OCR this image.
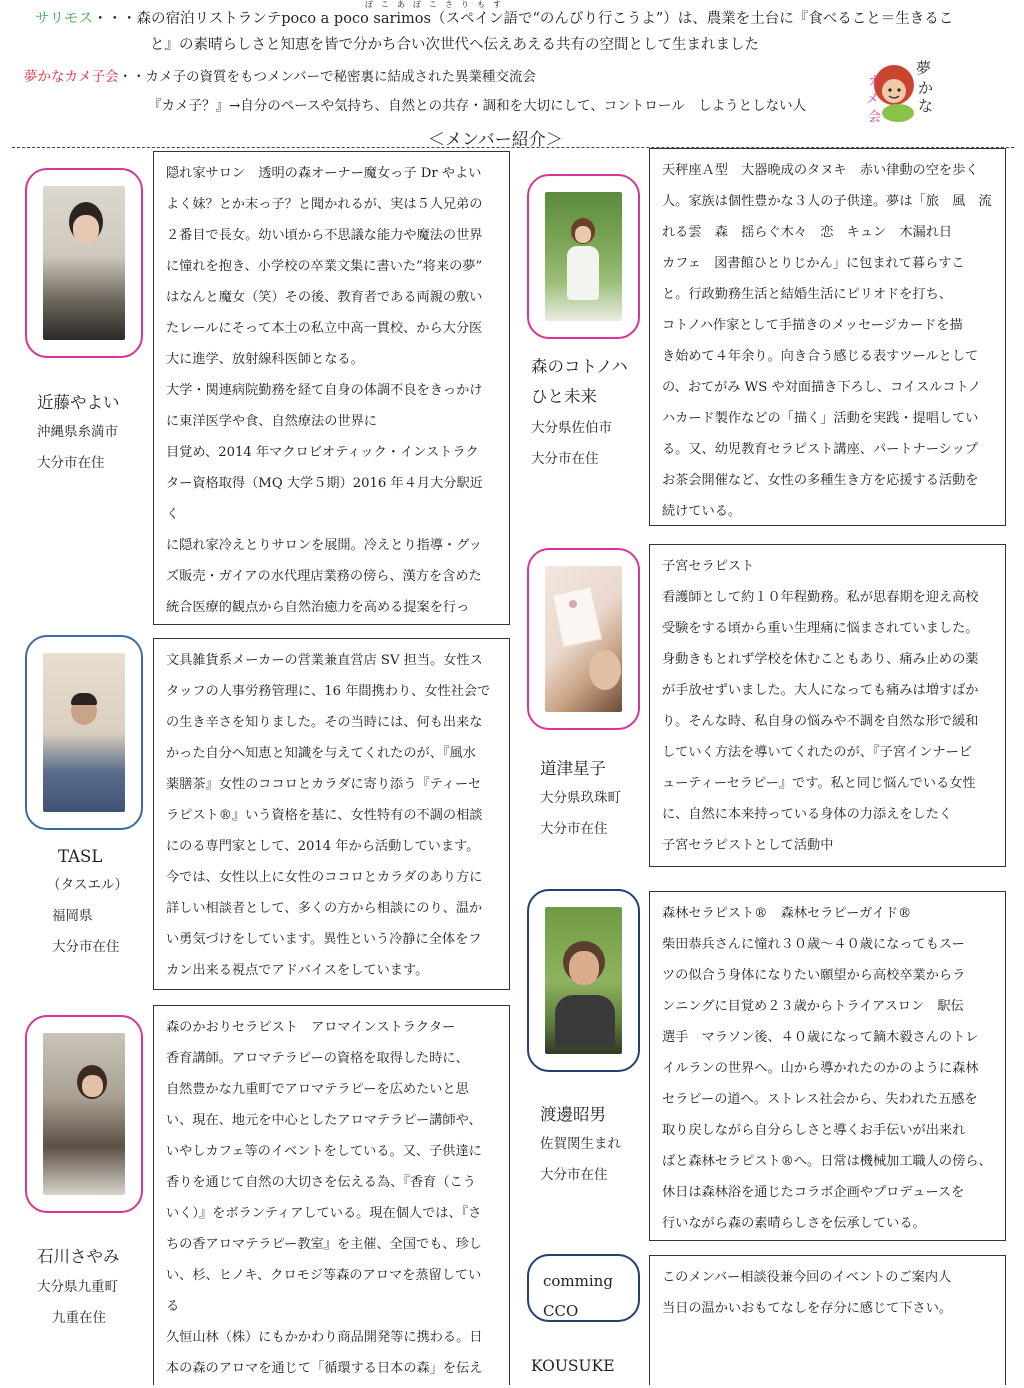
サリモス・・・森の宿泊リストランテpoco a poco sarimos（スペイン語で“のんびり行こうよ”）は、農業を土台に『食べること＝生きるこ
ぽこあぽこさりもす
と』の素晴らしさと知恵を皆で分かち合い次世代へ伝えあえる共有の空間として生まれました
夢かなカメ子会・・カメ子の資質をもつメンバーで秘密裏に結成された異業種交流会
『カメ子？』→自分のペースや気持ち、自然との共存・調和を大切にして、コントロール　しようとしない人
カ
メ
会
夢
か
な
＜メンバー紹介＞
近藤やよい
沖縄県糸満市
大分市在住

隠れ家サロン　透明の森オーナー魔女っ子 Dr やよい

よく妹？とか末っ子？と聞かれるが、実は５人兄弟の

２番目で長女。幼い頃から不思議な能力や魔法の世界

に憧れを抱き、小学校の卒業文集に書いた”将来の夢”

はなんと魔女（笑）その後、教育者である両親の敷い

たレールにそって本土の私立中高一貫校、から大分医

大に進学、放射線科医師となる。

大学・関連病院勤務を経て自身の体調不良をきっかけ

に東洋医学や食、自然療法の世界に

目覚め、2014 年マクロビオティック・インストラク

ター資格取得（MQ 大学５期）2016 年４月大分駅近

く

に隠れ家冷えとりサロンを展開。冷えとり指導・グッ

ズ販売・ガイアの水代理店業務の傍ら、漢方を含めた

統合医療的観点から自然治癒力を高める提案を行っ

TASL
（タスエル）
福岡県
大分市在住

文具雑貨系メーカーの営業兼直営店 SV 担当。女性ス

タッフの人事労務管理に、16 年間携わり、女性社会で

の生き辛さを知りました。その当時には、何も出来な

かった自分へ知恵と知識を与えてくれたのが、『風水

薬膳茶』女性のココロとカラダに寄り添う『ティーセ

ラピスト®』いう資格を基に、女性特有の不調の相談

にのる専門家として、2014 年から活動しています。

今では、女性以上に女性のココロとカラダのあり方に

詳しい相談者として、多くの方から相談にのり、温か

い勇気づけをしています。異性という冷静に全体をフ

カン出来る視点でアドバイスをしています。

石川さやみ
大分県九重町
九重在住

森のかおりセラピスト　アロマインストラクター

香育講師。アロマテラピーの資格を取得した時に、

自然豊かな九重町でアロマテラピーを広めたいと思

い、現在、地元を中心としたアロマテラピー講師や、

いやしカフェ等のイベントをしている。又、子供達に

香りを通じて自然の大切さを伝える為、『香育（こう

いく）』をボランティアしている。現在個人では、『さ

ちの香アロマテラピー教室』を主催、全国でも、珍し

い、杉、ヒノキ、クロモジ等森のアロマを蒸留してい

る

久恒山林（株）にもかかわり商品開発等に携わる。日

本の森のアロマを通じて「循環する日本の森」を伝え

森のコトノハ
ひと未来
大分県佐伯市
大分市在住

天秤座Ａ型　大器晩成のタヌキ　赤い律動の空を歩く

人。家族は個性豊かな３人の子供達。夢は「旅　風　流

れる雲　森　揺らぐ木々　恋　キュン　木漏れ日

カフェ　図書館ひとりじかん」に包まれて暮らすこ

と。行政勤務生活と結婚生活にピリオドを打ち、

コトノハ作家として手描きのメッセージカードを描

き始めて４年余り。向き合う感じる表すツールとして

の、おてがみ WS や対面描き下ろし、コイスルコトノ

ハカード製作などの「描く」活動を実践・提唱してい

る。又、幼児教育セラピスト講座、パートナーシップ

お茶会開催など、女性の多種生き方を応援する活動を

続けている。

道津星子
大分県玖珠町
大分市在住

子宮セラピスト

看護師として約１０年程勤務。私が思春期を迎え高校

受験をする頃から重い生理痛に悩まされていました。

身動きもとれず学校を休むこともあり、痛み止めの薬

が手放せずいました。大人になっても痛みは増すばか

り。そんな時、私自身の悩みや不調を自然な形で緩和

していく方法を導いてくれたのが、『子宮インナービ

ューティーセラピー』です。私と同じ悩んでいる女性

に、自然に本来持っている身体の力添えをしたく

子宮セラピストとして活動中

渡邊昭男
佐賀関生まれ
大分市在住

森林セラピスト®　森林セラピーガイド®

柴田恭兵さんに憧れ３０歳～４０歳になってもスー

ツの似合う身体になりたい願望から高校卒業からラ

ンニングに目覚め２３歳からトライアスロン　駅伝

選手　マラソン後、４０歳になって鏑木毅さんのトレ

イルランの世界へ。山から導かれたのかのように森林

セラピーの道へ。ストレス社会から、失われた五感を

取り戻しながら自分らしさと導くお手伝いが出来れ

ばと森林セラピスト®へ。日常は機械加工職人の傍ら、

休日は森林浴を通じたコラボ企画やプロデュースを

行いながら森の素晴らしさを伝承している。

comming
CCO
KOUSUKE

このメンバー相談役兼今回のイベントのご案内人

当日の温かいおもてなしを存分に感じて下さい。
